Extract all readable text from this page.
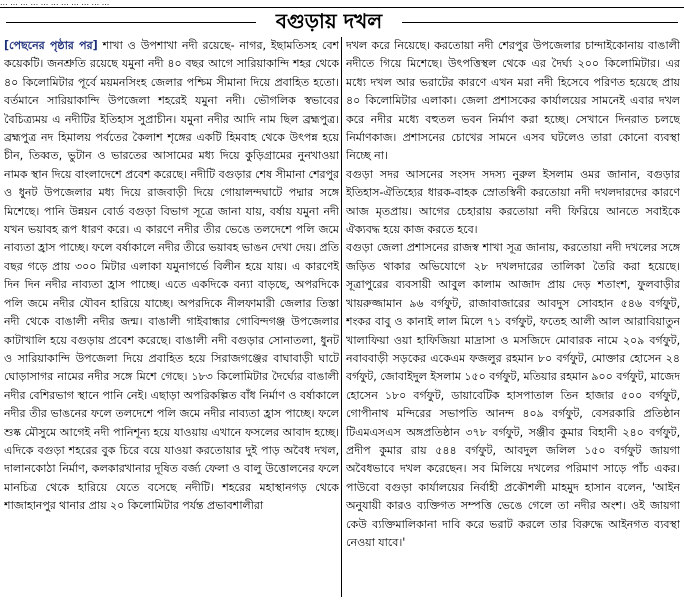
... ... ... ... ... ... ... ... ... ... ...
বগুড়ায় দখল

[পেছনের পৃষ্ঠার পর] শাখা ও উপশাখা নদী রয়েছে- নাগর, ইছামতিসহ বেশ কয়েকটি। জনশ্রুতি রয়েছে যমুনা নদী ৪০ বছর আগে সারিয়াকান্দি শহর থেকে ৪০ কিলোমিটার পূর্বে ময়মনসিংহ জেলার পশ্চিম সীমানা দিয়ে প্রবাহিত হতো। বর্তমানে সারিয়াকান্দি উপজেলা শহরেই যমুনা নদী। ভৌগলিক স্বভাবের বৈচিত্র্যময় এ নদীটির ইতিহাস সুপ্রাচীন। যমুনা নদীর আদি নাম ছিল ব্রহ্মপুত্র। ব্রহ্মপুত্র নদ হিমালয় পর্বতের কৈলাশ শৃঙ্গের একটি হিমবাহ থেকে উৎপন্ন হয়ে চীন, তিব্বত, ভুটান ও ভারতের আসামের মধ্য দিয়ে কুড়িগ্রামের নুনখাওয়া নামক স্থান দিয়ে বাংলাদেশে প্রবেশ করেছে। নদীটি বগুড়ার শেষ সীমানা শেরপুর ও ধুনট উপজেলার মধ্য দিয়ে রাজবাড়ী দিয়ে গোয়ালন্দঘাটে পদ্মার সঙ্গে মিশেছে। পানি উন্নয়ন বোর্ড বগুড়া বিভাগ সূত্রে জানা যায়, বর্ষায় যমুনা নদী যখন ভয়াবহ রূপ ধারণ করে। এ কারণে নদীর তীর ভেঙে তলদেশে পলি জমে নাব্যতা হ্রাস পাচ্ছে। ফলে বর্ষাকালে নদীর তীরে ভয়াবহ ভাঙন দেখা দেয়। প্রতি বছর গড়ে প্রায় ৩০০ মিটার এলাকা যমুনাগর্ভে বিলীন হয়ে যায়। এ কারণেই দিন দিন নদীর নাব্যতা হ্রাস পাচ্ছে। এতে একদিকে বন্যা বাড়ছে, অপরদিকে পলি জমে নদীর যৌবন হারিয়ে যাচ্ছে। অপরদিকে নীলফামারী জেলার তিস্তা নদী থেকে বাঙালী নদীর জন্ম। বাঙালী গাইবান্ধার গোবিন্দগঞ্জ উপজেলার কাটাখালি হয়ে বগুড়ায় প্রবেশ করেছে। বাঙালী নদী বগুড়ার সোনাতলা, ধুনট ও সারিয়াকান্দি উপজেলা দিয়ে প্রবাহিত হয়ে সিরাজগঞ্জের বাঘাবাড়ী ঘাটে ঘোড়াসাগর নামের নদীর সঙ্গে মিশে গেছে। ১৮৩ কিলোমিটার দৈর্ঘ্যের বাঙালী নদীর বেশিরভাগ স্থানে পানি নেই। এছাড়া অপরিকল্পিত বাঁধ নির্মাণ ও বর্ষাকালে নদীর তীর ভাঙনের ফলে তলদেশে পলি জমে নদীর নাব্যতা হ্রাস পাচ্ছে। ফলে শুষ্ক মৌসুমে আগেই নদী পানিশূন্য হয়ে যাওয়ায় এখানে ফসলের আবাদ হচ্ছে। এদিকে বগুড়া শহরের বুক চিরে বয়ে যাওয়া করতোয়ার দুই পাড় অবৈধ দখল, দালানকোঠা নির্মাণ, কলকারখানার দূষিত বর্জ্য ফেলা ও বালু উত্তোলনের ফলে মানচিত্র থেকে হারিয়ে যেতে বসেছে নদীটি। শহরের মহাস্থানগড় থেকে শাজাহানপুর থানার প্রায় ২০ কিলোমিটার পর্যন্ত প্রভাবশালীরা

দখল করে নিয়েছে। করতোয়া নদী শেরপুর উপজেলার চান্দাইকোনায় বাঙালী নদীতে গিয়ে মিশেছে। উৎপত্তিস্থল থেকে এর দৈর্ঘ্য ২০০ কিলোমিটার। এর মধ্যে দখল আর ভরাটের কারণে এখন মরা নদী হিসেবে পরিণত হয়েছে প্রায় ৪০ কিলোমিটার এলাকা। জেলা প্রশাসকের কার্যালয়ের সামনেই এবার দখল করে নদীর মধ্যে বহুতল ভবন নির্মাণ করা হচ্ছে। সেখানে দিনরাত চলছে নির্মাণকাজ। প্রশাসনের চোখের সামনে এসব ঘটলেও তারা কোনো ব্যবস্থা নিচ্ছে না।

বগুড়া সদর আসনের সংসদ সদস্য নুরুল ইসলাম ওমর জানান, বগুড়ার ইতিহাস-ঐতিহ্যের ধারক-বাহক স্রোতস্বিনী করতোয়া নদী দখলদারদের কারণে আজ মৃতপ্রায়। আগের চেহারায় করতোয়া নদী ফিরিয়ে আনতে সবাইকে ঐক্যবদ্ধ হয়ে কাজ করতে হবে।

বগুড়া জেলা প্রশাসনের রাজস্ব শাখা সূত্র জানায়, করতোয়া নদী দখলের সঙ্গে জড়িত থাকার অভিযোগে ২৮ দখলদারের তালিকা তৈরি করা হয়েছে। সূত্রাপুরের ব্যবসায়ী আবুল কালাম আজাদ প্রায় দেড় শতাংশ, ফুলবাড়ীর খায়রুজ্জামান ৯৬ বর্গফুট, রাজাবাজারের আবদুস সোবহান ৫৪৬ বর্গফুট, শংকর বাবু ও কানাই লাল মিলে ৭১ বর্গফুট, ফতেহ আলী আল আরাবিয়াতুন খালাফিয়া ওয়া হাফিজিয়া মাদ্রাসা ও মসজিদে মোবারক নামে ২০৯ বর্গফুট, নবাববাড়ী সড়কের একেএম ফজলুর রহমান ৮০ বর্গফুট, মোক্তার হোসেন ২৪ বর্গফুট, জোবাইদুল ইসলাম ১৫০ বর্গফুট, মতিয়ার রহমান ৯০০ বর্গফুট, মাজেদ হোসেন ১৮০ বর্গফুট, ডায়াবেটিক হাসপাতাল তিন হাজার ৫০০ বর্গফুট, গোপীনাথ মন্দিরের সভাপতি আনন্দ ৪০৯ বর্গফুট, বেসরকারি প্রতিষ্ঠান টিএমএসএস অঙ্গপ্রতিষ্ঠান ৩৭৮ বর্গফুট, সঞ্জীব কুমার বিহানী ২৪০ বর্গফুট, প্রদীপ কুমার রায় ৫৪৪ বর্গফুট, আবদুল জলিল ১৫০ বর্গফুট জায়গা অবৈধভাবে দখল করেছেন। সব মিলিয়ে দখলের পরিমাণ সাড়ে পাঁচ একর। পাউবো বগুড়া কার্যালয়ের নির্বাহী প্রকৌশলী মাহমুদ হাসান বলেন, 'আইন অনুযায়ী কারও ব্যক্তিগত সম্পত্তি ভেঙে গেলে তা নদীর অংশ। ওই জায়গা কেউ ব্যক্তিমালিকানা দাবি করে ভরাট করলে তার বিরুদ্ধে আইনগত ব্যবস্থা নেওয়া যাবে।'
